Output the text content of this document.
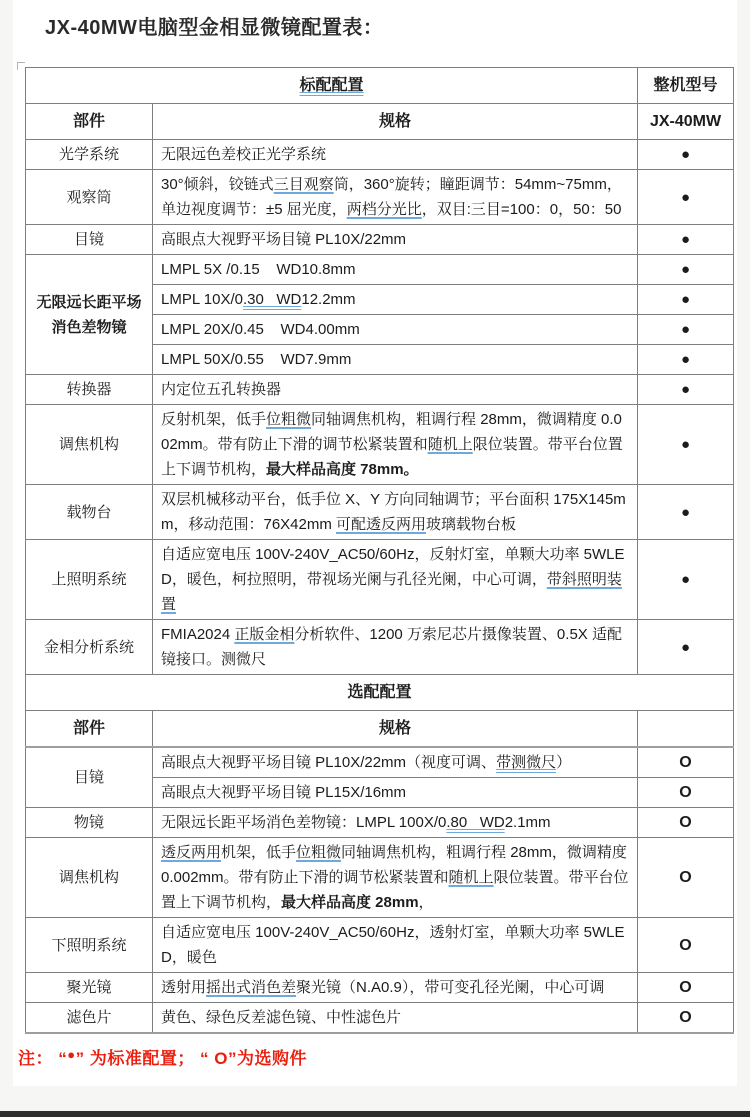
JX-40MW电脑型金相显微镜配置表：
标配配置		整机型号
部件	规格	JX-40MW
光学系统	无限远色差校正光学系统	●
观察筒	30°倾斜，铰链式三目观察筒，360°旋转；瞳距调节：54mm~75mm，单边视度调节：±5 屈光度，两档分光比，双目:三目=100：0，50：50	●
目镜	高眼点大视野平场目镜 PL10X/22mm	●
无限远长距平场消色差物镜	LMPL 5X /0.15    WD10.8mm	●
	LMPL 10X/0.30   WD12.2mm	●
	LMPL 20X/0.45    WD4.00mm	●
	LMPL 50X/0.55    WD7.9mm	●
转换器	内定位五孔转换器	●
调焦机构	反射机架，低手位粗微同轴调焦机构，粗调行程 28mm，微调精度 0.002mm。带有防止下滑的调节松紧装置和随机上限位装置。带平台位置上下调节机构，最大样品高度 78mm。	●
载物台	双层机械移动平台，低手位 X、Y 方向同轴调节；平台面积 175X145mm，移动范围：76X42mm 可配透反两用玻璃载物台板	●
上照明系统	自适应宽电压 100V-240V_AC50/60Hz，反射灯室，单颗大功率 5WLED，暖色，柯拉照明，带视场光阑与孔径光阑，中心可调，带斜照明装置	●
金相分析系统	FMIA2024 正版金相分析软件、1200 万索尼芯片摄像装置、0.5X 适配镜接口。测微尺	●
选配配置		
部件	规格	
目镜	高眼点大视野平场目镜 PL10X/22mm（视度可调、带测微尺）	O
	高眼点大视野平场目镜 PL15X/16mm	O
物镜	无限远长距平场消色差物镜：LMPL 100X/0.80   WD2.1mm	O
调焦机构	透反两用机架，低手位粗微同轴调焦机构，粗调行程 28mm，微调精度 0.002mm。带有防止下滑的调节松紧装置和随机上限位装置。带平台位置上下调节机构，最大样品高度 28mm，	O
下照明系统	自适应宽电压 100V-240V_AC50/60Hz，透射灯室，单颗大功率 5WLED，暖色	O
聚光镜	透射用摇出式消色差聚光镜（N.A0.9），带可变孔径光阑，中心可调	O
滤色片	黄色、绿色反差滤色镜、中性滤色片	O
注： “●” 为标准配置； “ O”为选购件
